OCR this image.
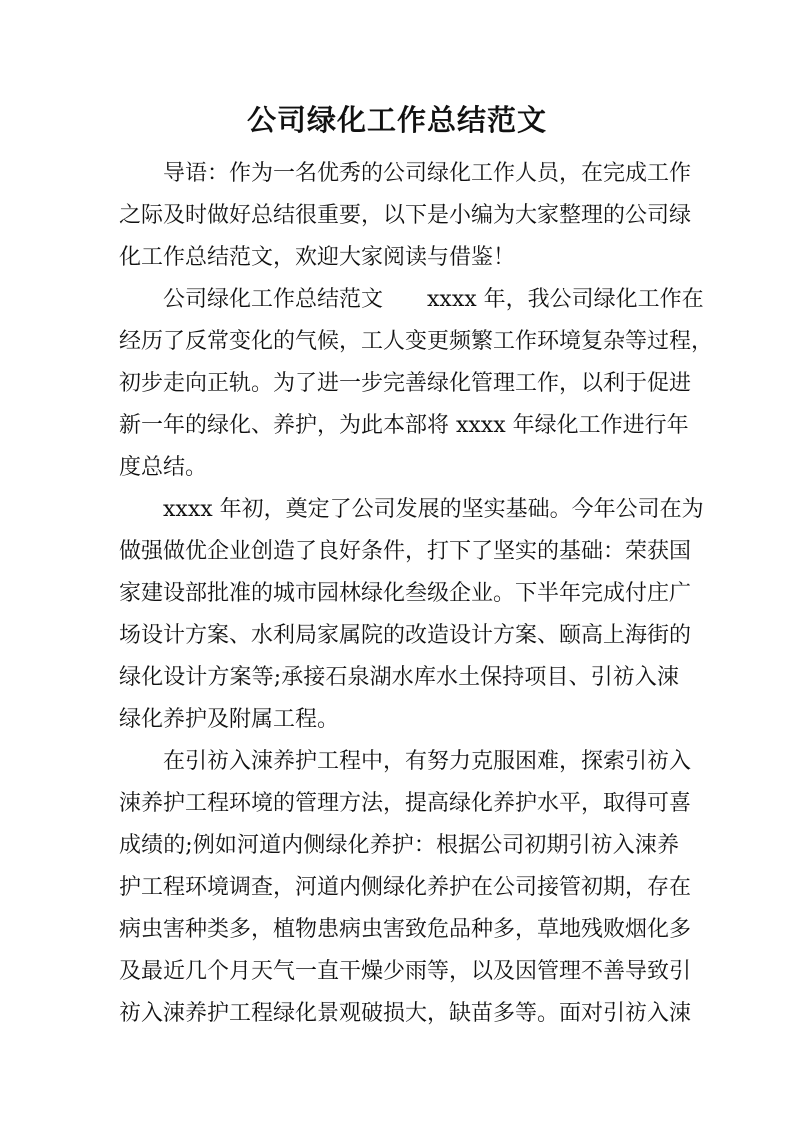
公司绿化工作总结范文
导语：作为一名优秀的公司绿化工作人员，在完成工作
之际及时做好总结很重要，以下是小编为大家整理的公司绿
化工作总结范文，欢迎大家阅读与借鉴！
公司绿化工作总结范文　　xxxx 年，我公司绿化工作在
经历了反常变化的气候，工人变更频繁工作环境复杂等过程，
初步走向正轨。为了进一步完善绿化管理工作，以利于促进
新一年的绿化、养护，为此本部将 xxxx 年绿化工作进行年
度总结。
xxxx 年初，奠定了公司发展的坚实基础。今年公司在为
做强做优企业创造了良好条件，打下了坚实的基础：荣获国
家建设部批准的城市园林绿化叁级企业。下半年完成付庄广
场设计方案、水利局家属院的改造设计方案、颐高上海街的
绿化设计方案等;承接石泉湖水库水土保持项目、引祊入涑
绿化养护及附属工程。
在引祊入涑养护工程中，有努力克服困难，探索引祊入
涑养护工程环境的管理方法，提高绿化养护水平，取得可喜
成绩的;例如河道内侧绿化养护：根据公司初期引祊入涑养
护工程环境调查，河道内侧绿化养护在公司接管初期，存在
病虫害种类多，植物患病虫害致危品种多，草地残败烟化多
及最近几个月天气一直干燥少雨等，以及因管理不善导致引
祊入涑养护工程绿化景观破损大，缺苗多等。面对引祊入涑
